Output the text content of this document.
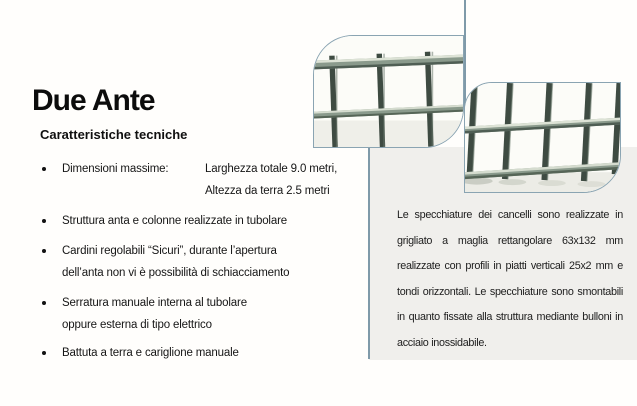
Due Ante
Caratteristiche tecniche
Dimensioni massime:	Larghezza totale 9.0 metri,
Altezza da terra 2.5 metri
Struttura anta e colonne realizzate in tubolare
Cardini regolabili “Sicuri”, durante l’apertura
dell’anta non vi è possibilità di schiacciamento
Serratura manuale interna al tubolare
oppure esterna di tipo elettrico
Battuta a terra e cariglione manuale
Le specchiature dei cancelli sono realizzate in grigliato a maglia rettangolare 63x132 mm realizzate con profili in piatti verticali 25x2 mm e tondi orizzontali. Le specchiature sono smontabili in quanto fissate alla struttura mediante bulloni in acciaio inossidabile.
